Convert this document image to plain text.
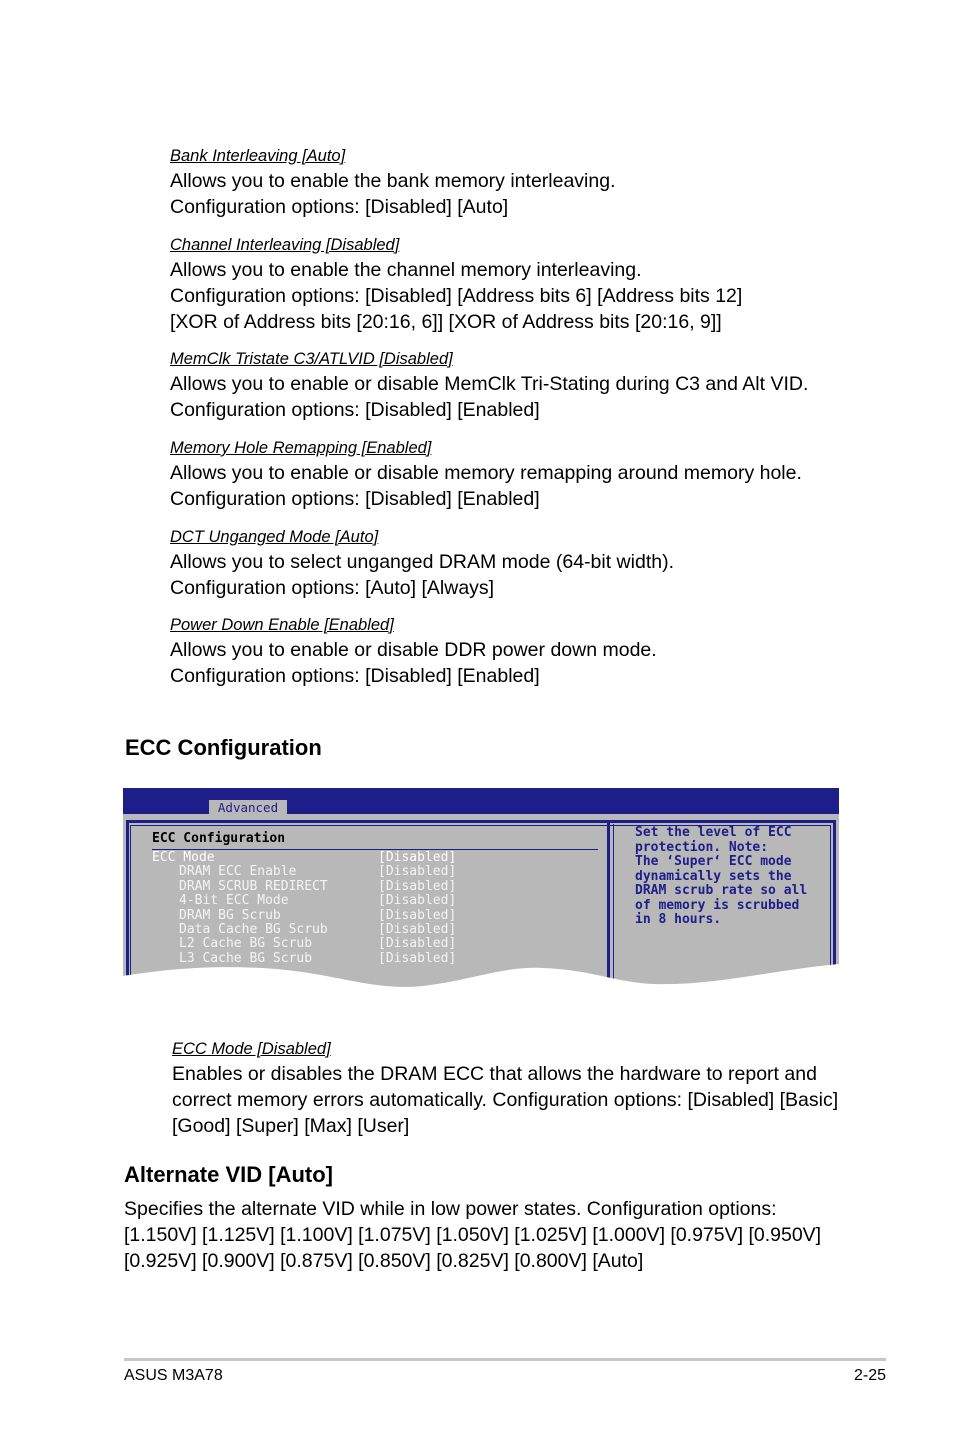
Bank Interleaving [Auto]

Allows you to enable the bank memory interleaving.
Configuration options: [Disabled] [Auto]

Channel Interleaving [Disabled]

Allows you to enable the channel memory interleaving.
Configuration options: [Disabled] [Address bits 6] [Address bits 12]
[XOR of Address bits [20:16, 6]] [XOR of Address bits [20:16, 9]]

MemClk Tristate C3/ATLVID [Disabled]

Allows you to enable or disable MemClk Tri-Stating during C3 and Alt VID.
Configuration options: [Disabled] [Enabled]

Memory Hole Remapping [Enabled]

Allows you to enable or disable memory remapping around memory hole.
Configuration options: [Disabled] [Enabled]

DCT Unganged Mode [Auto]

Allows you to select unganged DRAM mode (64-bit width).
Configuration options: [Auto] [Always]

Power Down Enable [Enabled]

Allows you to enable or disable DDR power down mode.
Configuration options: [Disabled] [Enabled]

ECC Configuration
Advanced

ECC Configuration

ECC Mode	[Disabled]
DRAM ECC Enable	[Disabled]
DRAM SCRUB REDIRECT	[Disabled]
4-Bit ECC Mode	[Disabled]
DRAM BG Scrub	[Disabled]
Data Cache BG Scrub	[Disabled]
L2 Cache BG Scrub	[Disabled]
L3 Cache BG Scrub	[Disabled]

Set the level of ECC
protection. Note:
The ‘Super‘ ECC mode
dynamically sets the
DRAM scrub rate so all
of memory is scrubbed
in 8 hours.

ECC Mode [Disabled]

Enables or disables the DRAM ECC that allows the hardware to report and
correct memory errors automatically. Configuration options: [Disabled] [Basic]
[Good] [Super] [Max] [User]

Alternate VID [Auto]

Specifies the alternate VID while in low power states. Configuration options:
[1.150V] [1.125V] [1.100V] [1.075V] [1.050V] [1.025V] [1.000V] [0.975V] [0.950V]
[0.925V] [0.900V] [0.875V] [0.850V] [0.825V] [0.800V] [Auto]

ASUS M3A78	2-25
